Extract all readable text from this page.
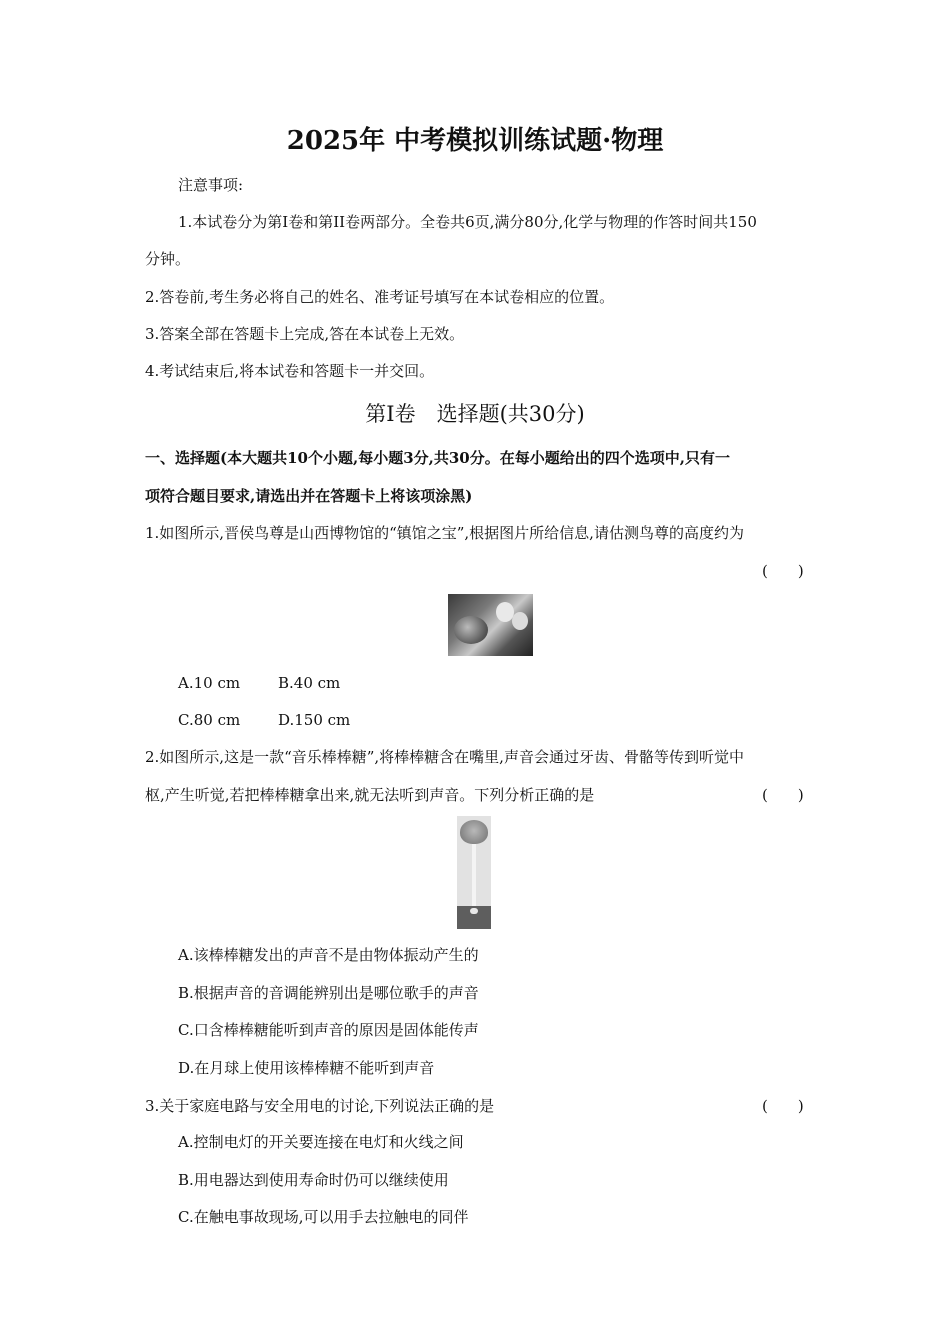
2025年 中考模拟训练试题·物理
注意事项:
1.本试卷分为第I卷和第II卷两部分。全卷共6页,满分80分,化学与物理的作答时间共150
分钟。
2.答卷前,考生务必将自己的姓名、准考证号填写在本试卷相应的位置。
3.答案全部在答题卡上完成,答在本试卷上无效。
4.考试结束后,将本试卷和答题卡一并交回。
第I卷　选择题(共30分)
一、选择题(本大题共10个小题,每小题3分,共30分。在每小题给出的四个选项中,只有一
项符合题目要求,请选出并在答题卡上将该项涂黑)
1.如图所示,晋侯鸟尊是山西博物馆的“镇馆之宝”,根据图片所给信息,请估测鸟尊的高度约为
(　　)
A.10 cm	B.40 cm
C.80 cm	D.150 cm
2.如图所示,这是一款“音乐棒棒糖”,将棒棒糖含在嘴里,声音会通过牙齿、骨骼等传到听觉中
枢,产生听觉,若把棒棒糖拿出来,就无法听到声音。下列分析正确的是	(　　)
A.该棒棒糖发出的声音不是由物体振动产生的
B.根据声音的音调能辨别出是哪位歌手的声音
C.口含棒棒糖能听到声音的原因是固体能传声
D.在月球上使用该棒棒糖不能听到声音
3.关于家庭电路与安全用电的讨论,下列说法正确的是	(　　)
A.控制电灯的开关要连接在电灯和火线之间
B.用电器达到使用寿命时仍可以继续使用
C.在触电事故现场,可以用手去拉触电的同伴
